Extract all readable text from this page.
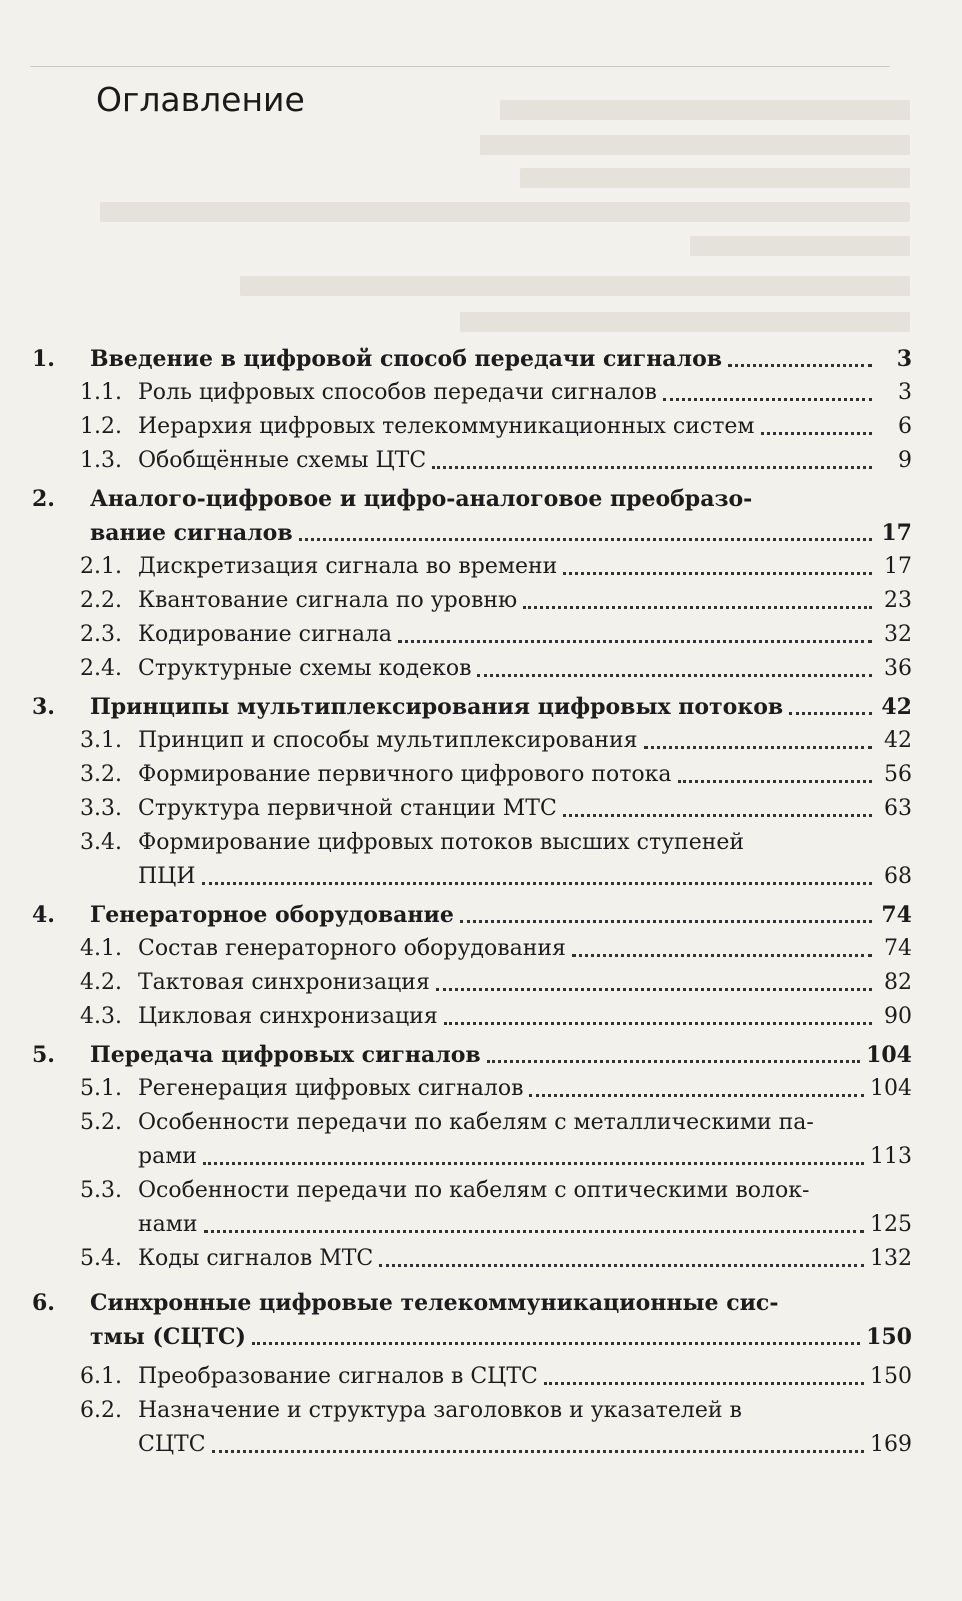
Оглавление
1.	Введение в цифровой способ передачи сигналов	3
1.1. Роль цифровых способов передачи сигналов	3
1.2. Иерархия цифровых телекоммуникационных систем	6
1.3. Обобщённые схемы ЦТС	9
2.	Аналого-цифровое и цифро-аналоговое преобразо-
вание сигналов	17
2.1. Дискретизация сигнала во времени	17
2.2. Квантование сигнала по уровню	23
2.3. Кодирование сигнала	32
2.4. Структурные схемы кодеков	36
3.	Принципы мультиплексирования цифровых потоков	42
3.1. Принцип и способы мультиплексирования	42
3.2. Формирование первичного цифрового потока	56
3.3. Структура первичной станции МТС	63
3.4. Формирование цифровых потоков высших ступеней
ПЦИ	68
4.	Генераторное оборудование	74
4.1. Состав генераторного оборудования	74
4.2. Тактовая синхронизация	82
4.3. Цикловая синхронизация	90
5.	Передача цифровых сигналов	104
5.1. Регенерация цифровых сигналов	104
5.2. Особенности передачи по кабелям с металлическими па-
рами	113
5.3. Особенности передачи по кабелям с оптическими волок-
нами	125
5.4. Коды сигналов МТС	132
6.	Синхронные цифровые телекоммуникационные сис-
тмы (СЦТС)	150
6.1. Преобразование сигналов в СЦТС	150
6.2. Назначение и структура заголовков и указателей в
СЦТС	169
